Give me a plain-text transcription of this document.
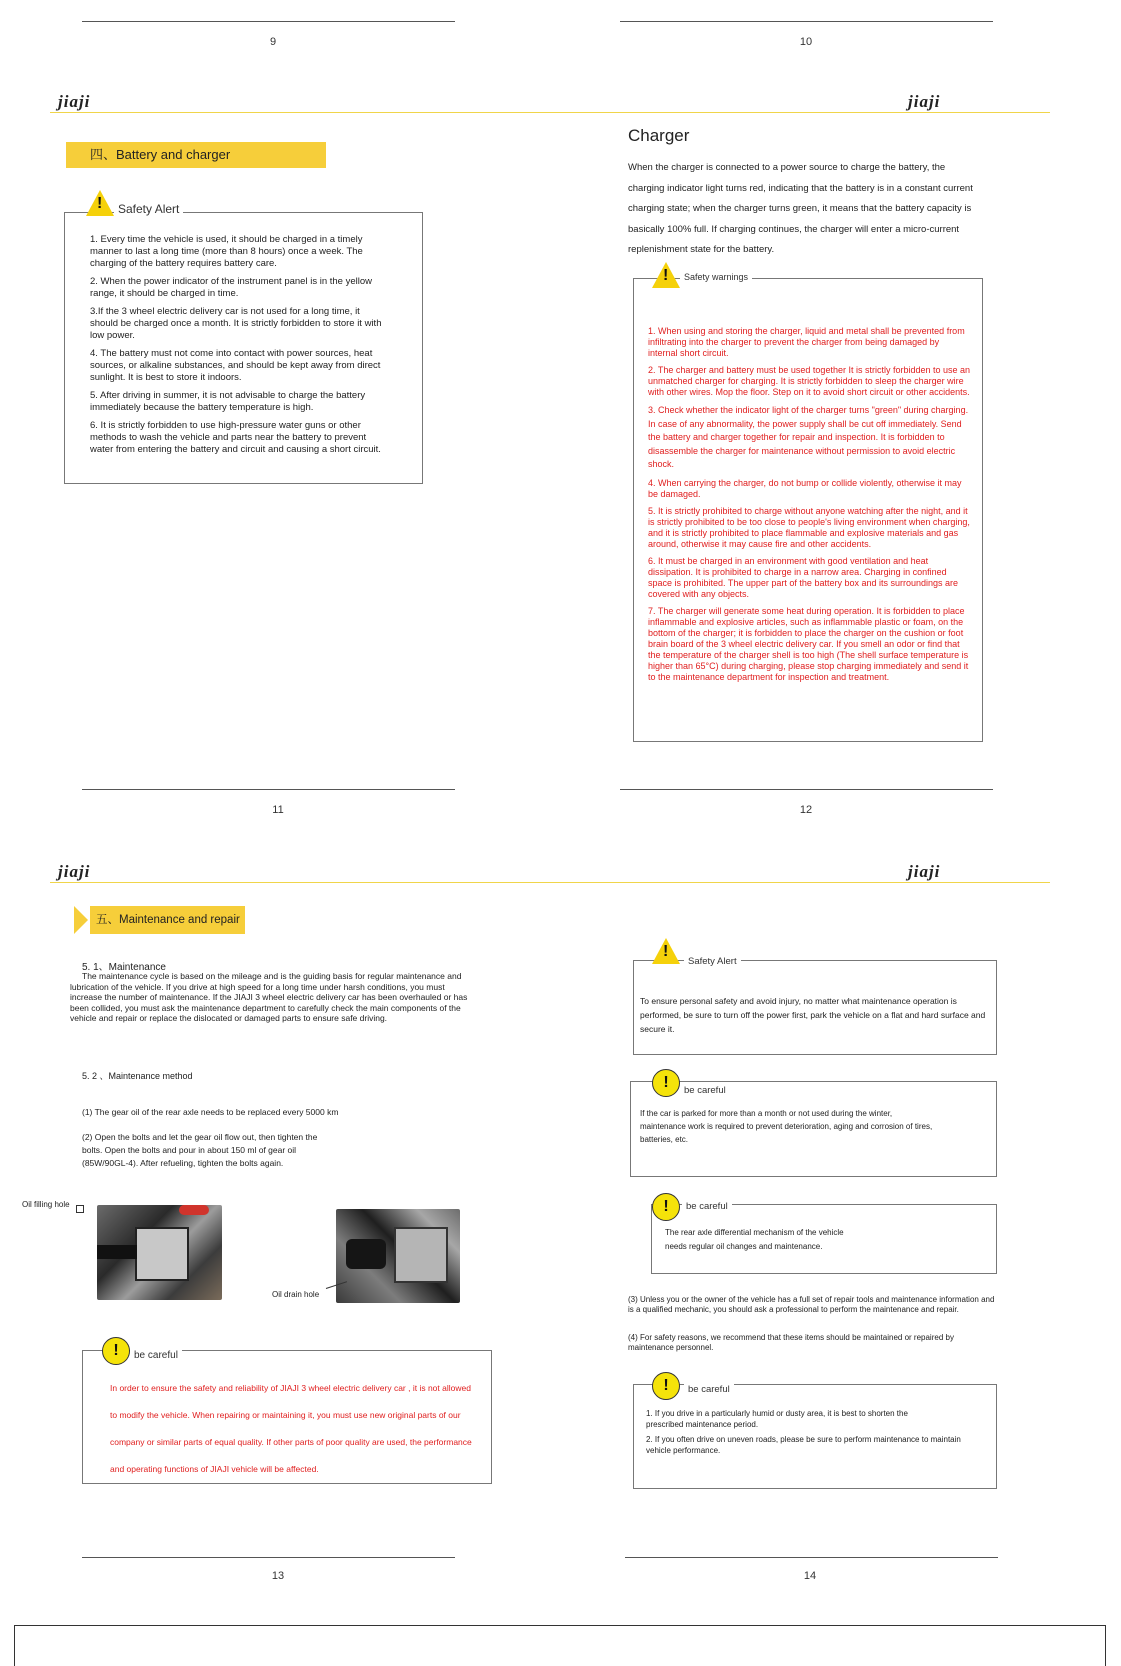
9	10
jiaji
四、Battery and charger
!
Safety Alert

1. Every time the vehicle is used, it should be charged in a timely manner to last a long time (more than 8 hours) once a week. The charging of the battery requires battery care.

2. When the power indicator of the instrument panel is in the yellow range, it should be charged in time.

3.If the 3 wheel electric delivery car is not used for a long time, it should be charged once a month. It is strictly forbidden to store it with low power.

4. The battery must not come into contact with power sources, heat sources, or alkaline substances, and should be kept away from direct sunlight. It is best to store it indoors.

5. After driving in summer, it is not advisable to charge the battery immediately because the battery temperature is high.

6. It is strictly forbidden to use high-pressure water guns or other methods to wash the vehicle and parts near the battery to prevent water from entering the battery and circuit and causing a short circuit.

jiaji
Charger
When the charger is connected to a power source to charge the battery, the charging indicator light turns red, indicating that the battery is in a constant current charging state; when the charger turns green, it means that the battery capacity is basically 100% full. If charging continues, the charger will enter a micro-current replenishment state for the battery.
!
Safety warnings

1. When using and storing the charger, liquid and metal shall be prevented from infiltrating into the charger to prevent the charger from being damaged by internal short circuit.

2. The charger and battery must be used together It is strictly forbidden to use an unmatched charger for charging. It is strictly forbidden to sleep the charger wire with other wires. Mop the floor. Step on it to avoid short circuit or other accidents.

3. Check whether the indicator light of the charger turns "green" during charging. In case of any abnormality, the power supply shall be cut off immediately. Send the battery and charger together for repair and inspection. It is forbidden to disassemble the charger for maintenance without permission to avoid electric shock.

4. When carrying the charger, do not bump or collide violently, otherwise it may be damaged.

5. It is strictly prohibited to charge without anyone watching after the night, and it is strictly prohibited to be too close to people's living environment when charging, and it is strictly prohibited to place flammable and explosive materials and gas around, otherwise it may cause fire and other accidents.

6. It must be charged in an environment with good ventilation and heat dissipation. It is prohibited to charge in a narrow area. Charging in confined space is prohibited. The upper part of the battery box and its surroundings are covered with any objects.

7. The charger will generate some heat during operation. It is forbidden to place inflammable and explosive articles, such as inflammable plastic or foam, on the bottom of the charger; it is forbidden to place the charger on the cushion or foot brain board of the 3 wheel electric delivery car. If you smell an odor or find that the temperature of the charger shell is too high (The shell surface temperature is higher than 65°C) during charging, please stop charging immediately and send it to the maintenance department for inspection and treatment.

11	12
jiaji
五、Maintenance and repair
5. 1、Maintenance
The maintenance cycle is based on the mileage and is the guiding basis for regular maintenance and lubrication of the vehicle. If you drive at high speed for a long time under harsh conditions, you must increase the number of maintenance. If the JIAJI 3 wheel electric delivery car has been overhauled or has been collided, you must ask the maintenance department to carefully check the main components of the vehicle and repair or replace the dislocated or damaged parts to ensure safe driving.
5. 2 、Maintenance method
(1) The gear oil of the rear axle needs to be replaced every 5000 km
(2) Open the bolts and let the gear oil flow out, then tighten the bolts. Open the bolts and pour in about 150 ml of gear oil (85W/90GL-4). After refueling, tighten the bolts again.
Oil filling hole
Oil drain hole
!	be careful
In order to ensure the safety and reliability of JIAJI 3 wheel electric delivery car , it is not allowed to modify the vehicle. When repairing or maintaining it, you must use new original parts of our company or similar parts of equal quality. If other parts of poor quality are used, the performance and operating functions of JIAJI vehicle will be affected.
jiaji
!
Safety Alert
To ensure personal safety and avoid injury, no matter what maintenance operation is performed, be sure to turn off the power first, park the vehicle on a flat and hard surface and secure it.
!	be careful
If the car is parked for more than a month or not used during the winter, maintenance work is required to prevent deterioration, aging and corrosion of tires, batteries, etc.
!	be careful
The rear axle differential mechanism of the vehicle needs regular oil changes and maintenance.
(3) Unless you or the owner of the vehicle has a full set of repair tools and maintenance information and is a qualified mechanic, you should ask a professional to perform the maintenance and repair.
(4) For safety reasons, we recommend that these items should be maintained or repaired by maintenance personnel.
!	be careful
1. If you drive in a particularly humid or dusty area, it is best to shorten the prescribed maintenance period.
2. If you often drive on uneven roads, please be sure to perform maintenance to maintain vehicle performance.
13	14
